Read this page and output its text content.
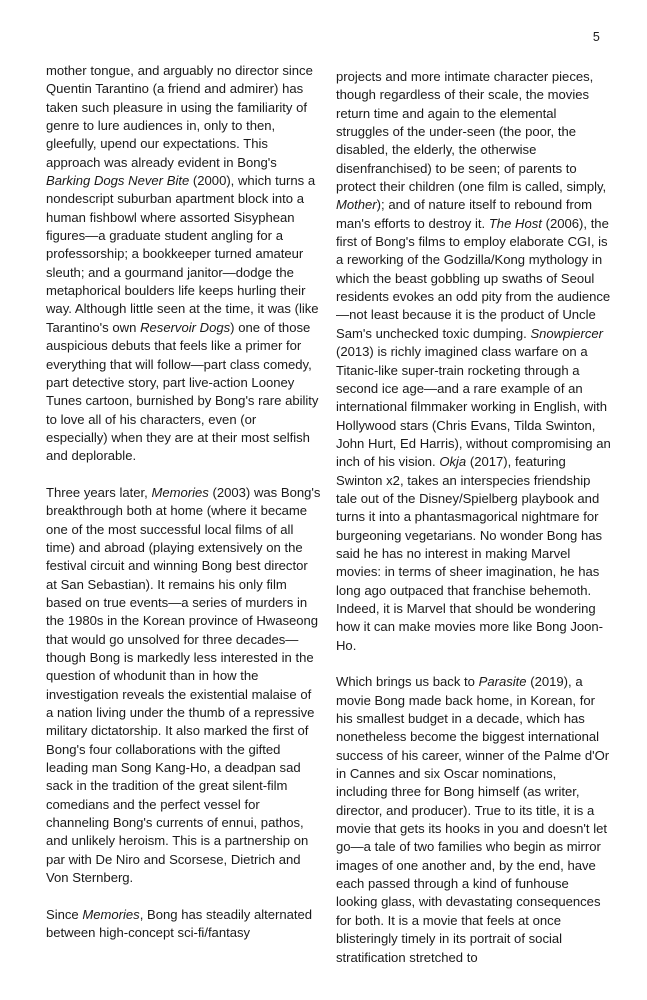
5

mother tongue, and arguably no director since Quentin Tarantino (a friend and admirer) has taken such pleasure in using the familiarity of genre to lure audiences in, only to then, gleefully, upend our expectations. This approach was already evident in Bong's Barking Dogs Never Bite (2000), which turns a nondescript suburban apartment block into a human fishbowl where assorted Sisyphean figures—a graduate student angling for a professorship; a bookkeeper turned amateur sleuth; and a gourmand janitor—dodge the metaphorical boulders life keeps hurling their way. Although little seen at the time, it was (like Tarantino's own Reservoir Dogs) one of those auspicious debuts that feels like a primer for everything that will follow—part class comedy, part detective story, part live-action Looney Tunes cartoon, burnished by Bong's rare ability to love all of his characters, even (or especially) when they are at their most selfish and deplorable.

Three years later, Memories (2003) was Bong's breakthrough both at home (where it became one of the most successful local films of all time) and abroad (playing extensively on the festival circuit and winning Bong best director at San Sebastian). It remains his only film based on true events—a series of murders in the 1980s in the Korean province of Hwaseong that would go unsolved for three decades—though Bong is markedly less interested in the question of whodunit than in how the investigation reveals the existential malaise of a nation living under the thumb of a repressive military dictatorship. It also marked the first of Bong's four collaborations with the gifted leading man Song Kang-Ho, a deadpan sad sack in the tradition of the great silent-film comedians and the perfect vessel for channeling Bong's currents of ennui, pathos, and unlikely heroism. This is a partnership on par with De Niro and Scorsese, Dietrich and Von Sternberg.

Since Memories, Bong has steadily alternated between high-concept sci-fi/fantasy

projects and more intimate character pieces, though regardless of their scale, the movies return time and again to the elemental struggles of the under-seen (the poor, the disabled, the elderly, the otherwise disenfranchised) to be seen; of parents to protect their children (one film is called, simply, Mother); and of nature itself to rebound from man's efforts to destroy it. The Host (2006), the first of Bong's films to employ elaborate CGI, is a reworking of the Godzilla/Kong mythology in which the beast gobbling up swaths of Seoul residents evokes an odd pity from the audience—not least because it is the product of Uncle Sam's unchecked toxic dumping. Snowpiercer (2013) is richly imagined class warfare on a Titanic-like super-train rocketing through a second ice age—and a rare example of an international filmmaker working in English, with Hollywood stars (Chris Evans, Tilda Swinton, John Hurt, Ed Harris), without compromising an inch of his vision. Okja (2017), featuring Swinton x2, takes an interspecies friendship tale out of the Disney/Spielberg playbook and turns it into a phantasmagorical nightmare for burgeoning vegetarians. No wonder Bong has said he has no interest in making Marvel movies: in terms of sheer imagination, he has long ago outpaced that franchise behemoth. Indeed, it is Marvel that should be wondering how it can make movies more like Bong Joon-Ho.

Which brings us back to Parasite (2019), a movie Bong made back home, in Korean, for his smallest budget in a decade, which has nonetheless become the biggest international success of his career, winner of the Palme d'Or in Cannes and six Oscar nominations, including three for Bong himself (as writer, director, and producer). True to its title, it is a movie that gets its hooks in you and doesn't let go—a tale of two families who begin as mirror images of one another and, by the end, have each passed through a kind of funhouse looking glass, with devastating consequences for both. It is a movie that feels at once blisteringly timely in its portrait of social stratification stretched to
